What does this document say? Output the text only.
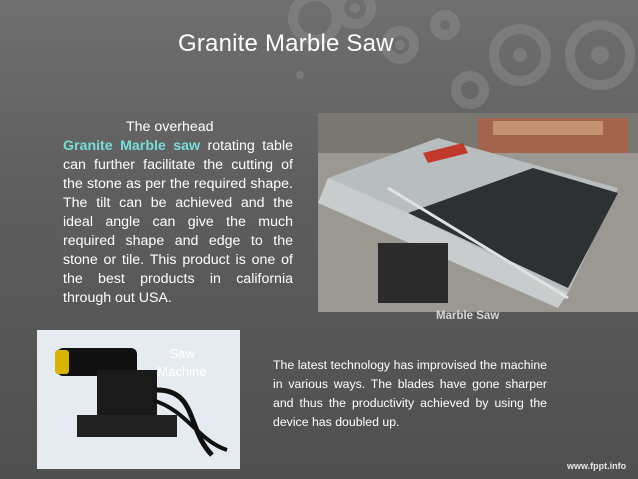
Granite Marble Saw
The overhead
Granite Marble saw rotating table can further facilitate the cutting of the stone as per the required shape. The tilt can be achieved and the ideal angle can give the much required shape and edge to the stone or tile. This product is one of the best products in california through out USA.
Marble Saw
Saw Machine	The latest technology has improvised the machine in various ways. The blades have gone sharper and thus the productivity achieved by using the device has doubled up.
www.fppt.info
